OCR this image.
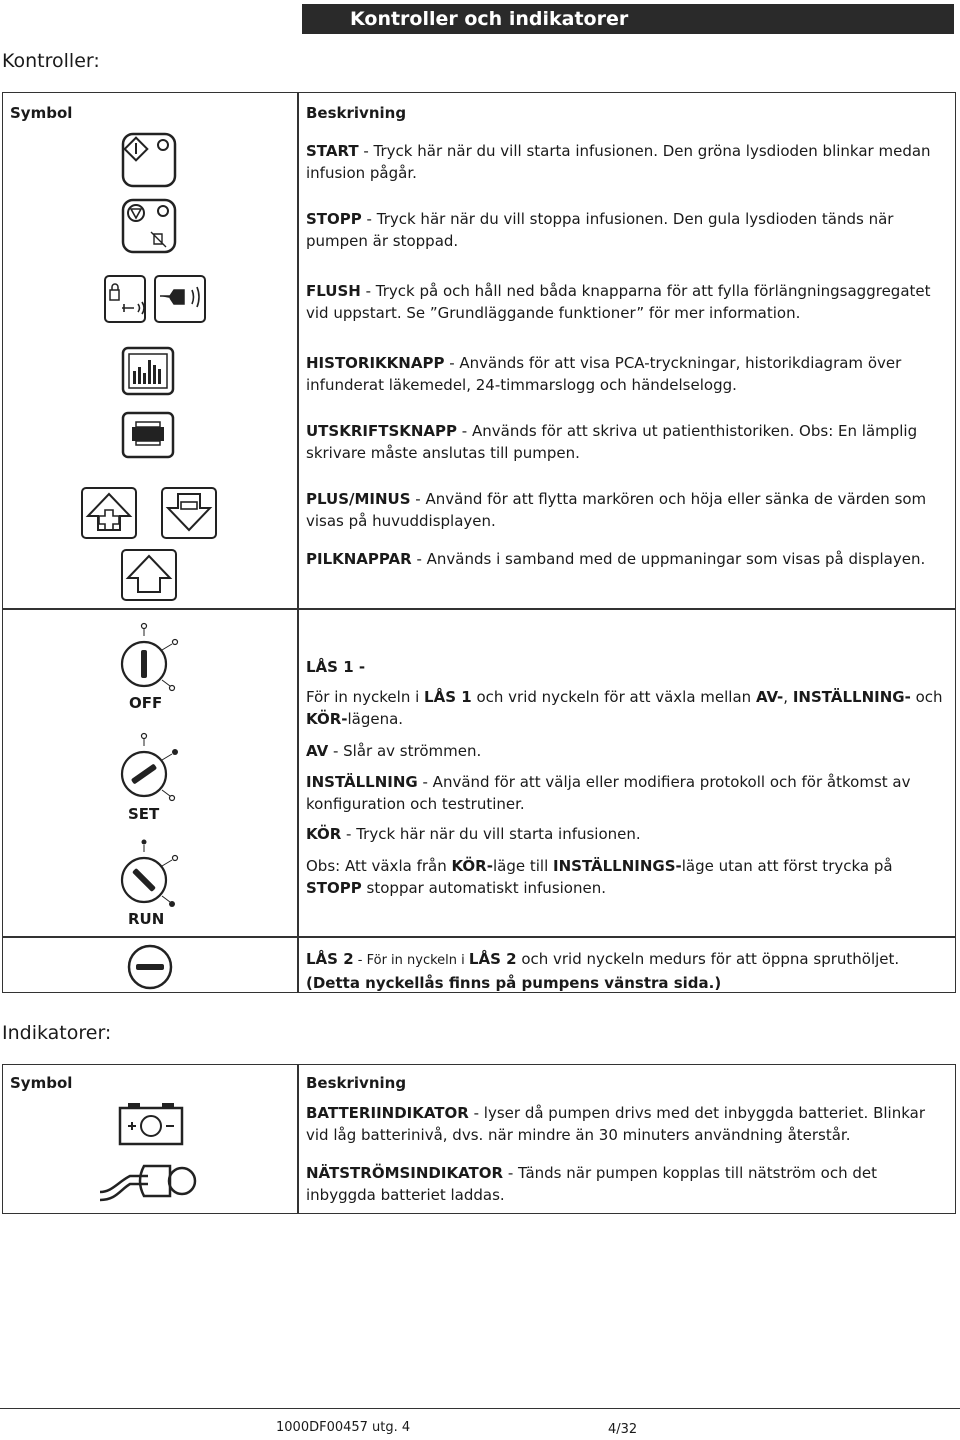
Kontroller och indikatorer
Kontroller:
Symbol	Beskrivning
START - Tryck här när du vill starta infusionen. Den gröna lysdioden blinkar medan infusion pågår.
STOPP - Tryck här när du vill stoppa infusionen. Den gula lysdioden tänds när pumpen är stoppad.
FLUSH - Tryck på och håll ned båda knapparna för att fylla förlängningsaggregatet vid uppstart. Se ”Grundläggande funktioner” för mer information.
HISTORIKKNAPP - Används för att visa PCA-tryckningar, historikdiagram över infunderat läkemedel, 24-timmarslogg och händelselogg.
UTSKRIFTSKNAPP - Används för att skriva ut patienthistoriken. Obs: En lämplig skrivare måste anslutas till pumpen.
PLUS/MINUS - Använd för att flytta markören och höja eller sänka de värden som visas på huvuddisplayen.
PILKNAPPAR - Används i samband med de uppmaningar som visas på displayen.
OFF
SET
RUN
LÅS 1 -
För in nyckeln i LÅS 1 och vrid nyckeln för att växla mellan AV-, INSTÄLLNING- och KÖR-lägena.
AV - Slår av strömmen.
INSTÄLLNING - Använd för att välja eller modifiera protokoll och för åtkomst av konfiguration och testrutiner.
KÖR - Tryck här när du vill starta infusionen.
Obs: Att växla från KÖR-läge till INSTÄLLNINGS-läge utan att först trycka på STOPP stoppar automatiskt infusionen.
LÅS 2 - För in nyckeln i LÅS 2 och vrid nyckeln medurs för att öppna spruthöljet.
(Detta nyckellås finns på pumpens vänstra sida.)
Indikatorer:
Symbol	Beskrivning
BATTERIINDIKATOR - lyser då pumpen drivs med det inbyggda batteriet. Blinkar vid låg batterinivå, dvs. när mindre än 30 minuters användning återstår.
NÄTSTRÖMSINDIKATOR - Tänds när pumpen kopplas till nätström och det inbyggda batteriet laddas.
1000DF00457 utg. 4	4/32
